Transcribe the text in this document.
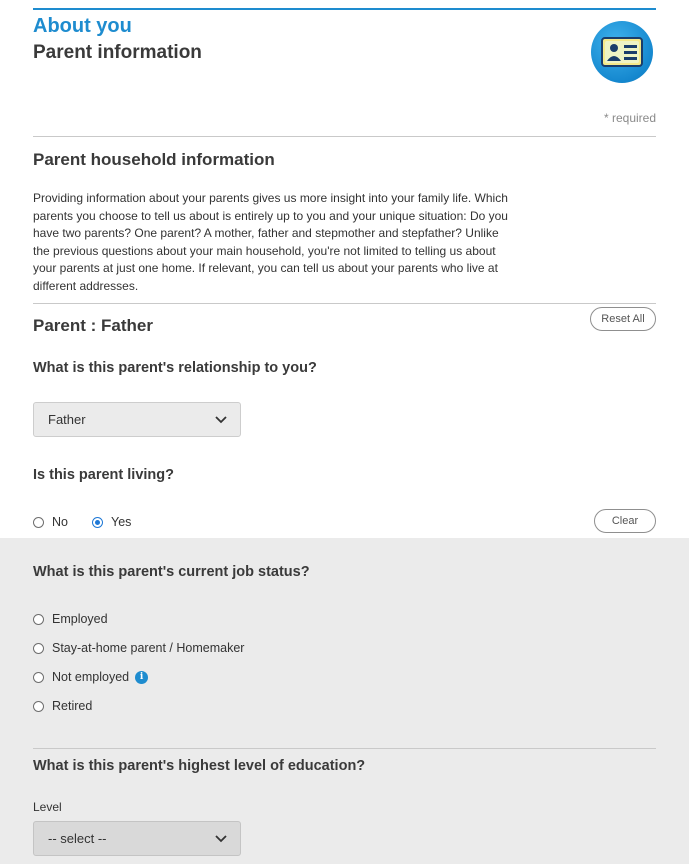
About you
Parent information
* required
Parent household information
Providing information about your parents gives us more insight into your family life. Which parents you choose to tell us about is entirely up to you and your unique situation: Do you have two parents? One parent? A mother, father and stepmother and stepfather? Unlike the previous questions about your main household, you're not limited to telling us about your parents at just one home. If relevant, you can tell us about your parents who live at different addresses.
Parent : Father	Reset All
What is this parent's relationship to you?
Father
Is this parent living?
No	Yes	Clear
What is this parent's current job status?
Employed
Stay-at-home parent / Homemaker
Not employed	i
Retired
What is this parent's highest level of education?
Level
-- select --
